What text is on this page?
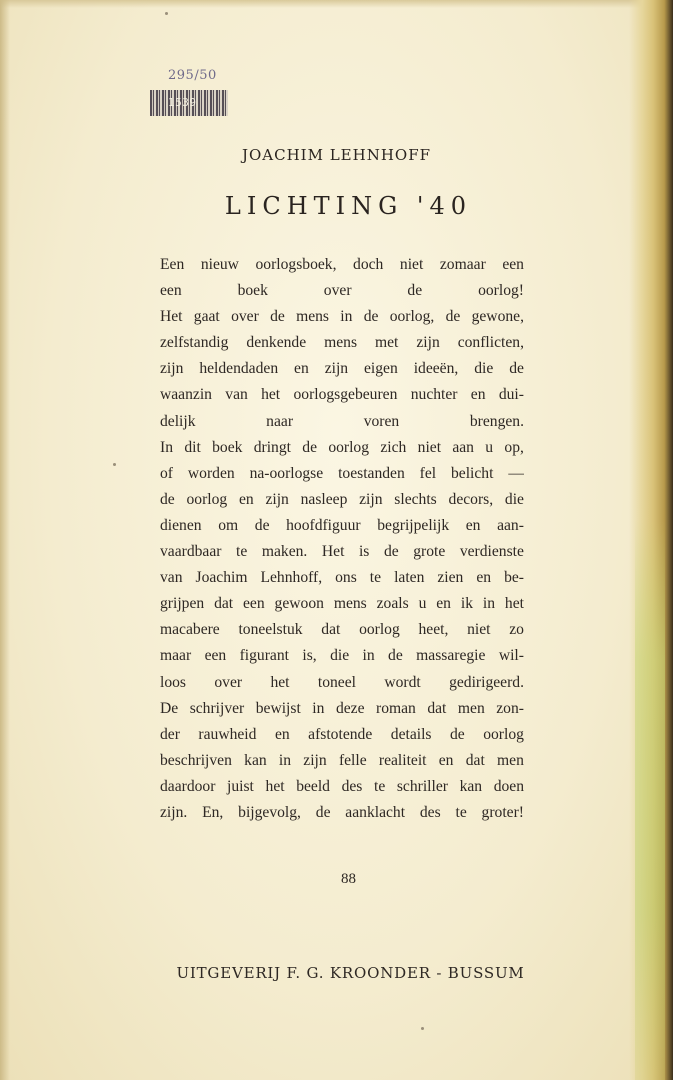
295/50
1539
JOACHIM LEHNHOFF
LICHTING '40
Een nieuw oorlogsboek, doch niet zomaar een
een boek over de oorlog!
Het gaat over de mens in de oorlog, de gewone,
zelfstandig denkende mens met zijn conflicten,
zijn heldendaden en zijn eigen ideeën, die de
waanzin van het oorlogsgebeuren nuchter en dui-
delijk naar voren brengen.
In dit boek dringt de oorlog zich niet aan u op,
of worden na-oorlogse toestanden fel belicht —
de oorlog en zijn nasleep zijn slechts decors, die
dienen om de hoofdfiguur begrijpelijk en aan-
vaardbaar te maken. Het is de grote verdienste
van Joachim Lehnhoff, ons te laten zien en be-
grijpen dat een gewoon mens zoals u en ik in het
macabere toneelstuk dat oorlog heet, niet zo
maar een figurant is, die in de massaregie wil-
loos over het toneel wordt gedirigeerd.
De schrijver bewijst in deze roman dat men zon-
der rauwheid en afstotende details de oorlog
beschrijven kan in zijn felle realiteit en dat men
daardoor juist het beeld des te schriller kan doen
zijn. En, bijgevolg, de aanklacht des te groter!
88
UITGEVERIJ F. G. KROONDER - BUSSUM
